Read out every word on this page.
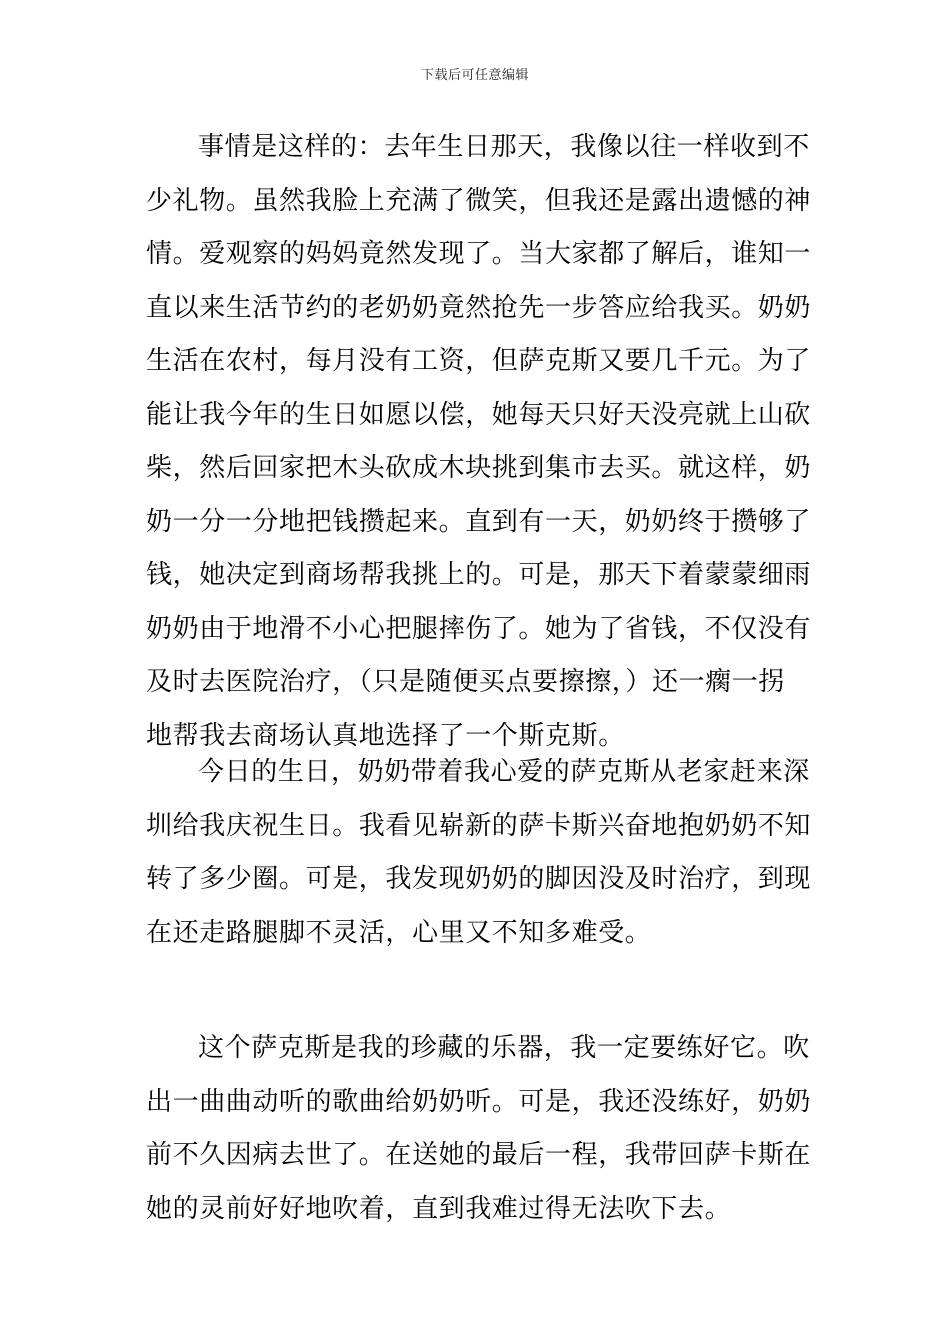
下载后可任意编辑
事情是这样的：去年生日那天，我像以往一样收到不
少礼物。虽然我脸上充满了微笑，但我还是露出遗憾的神
情。爱观察的妈妈竟然发现了。当大家都了解后，谁知一
直以来生活节约的老奶奶竟然抢先一步答应给我买。奶奶
生活在农村，每月没有工资，但萨克斯又要几千元。为了
能让我今年的生日如愿以偿，她每天只好天没亮就上山砍
柴，然后回家把木头砍成木块挑到集市去买。就这样，奶
奶一分一分地把钱攒起来。直到有一天，奶奶终于攒够了
钱，她决定到商场帮我挑上的。可是，那天下着蒙蒙细雨
奶奶由于地滑不小心把腿摔伤了。她为了省钱，不仅没有
及时去医院治疗，（只是随便买点要擦擦，）还一瘸一拐
地帮我去商场认真地选择了一个斯克斯。
今日的生日，奶奶带着我心爱的萨克斯从老家赶来深
圳给我庆祝生日。我看见崭新的萨卡斯兴奋地抱奶奶不知
转了多少圈。可是，我发现奶奶的脚因没及时治疗，到现
在还走路腿脚不灵活，心里又不知多难受。
这个萨克斯是我的珍藏的乐器，我一定要练好它。吹
出一曲曲动听的歌曲给奶奶听。可是，我还没练好，奶奶
前不久因病去世了。在送她的最后一程，我带回萨卡斯在
她的灵前好好地吹着，直到我难过得无法吹下去。
